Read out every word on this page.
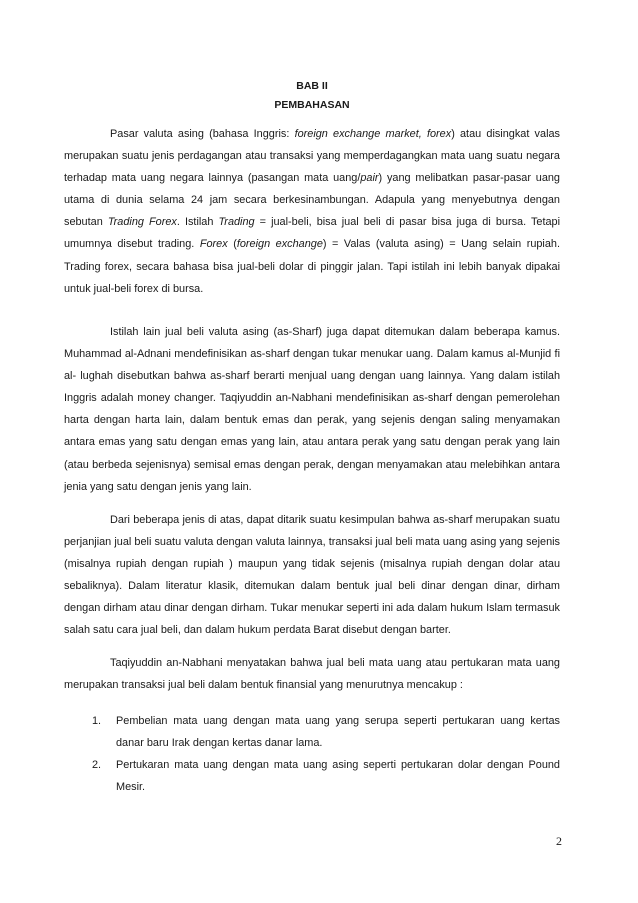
BAB II
PEMBAHASAN

Pasar valuta asing (bahasa Inggris: foreign exchange market, forex) atau disingkat valas merupakan suatu jenis perdagangan atau transaksi yang memperdagangkan mata uang suatu negara terhadap mata uang negara lainnya (pasangan mata uang/pair) yang melibatkan pasar-pasar uang utama di dunia selama 24 jam secara berkesinambungan. Adapula yang menyebutnya dengan sebutan Trading Forex. Istilah Trading = jual-beli, bisa jual beli di pasar bisa juga di bursa. Tetapi umumnya disebut trading. Forex (foreign exchange) = Valas (valuta asing) = Uang selain rupiah. Trading forex, secara bahasa bisa jual-beli dolar di pinggir jalan. Tapi istilah ini lebih banyak dipakai untuk jual-beli forex di bursa.

Istilah lain jual beli valuta asing (as-Sharf) juga dapat ditemukan dalam beberapa kamus. Muhammad al-Adnani mendefinisikan as-sharf dengan tukar menukar uang. Dalam kamus al-Munjid fi al- lughah disebutkan bahwa as-sharf berarti menjual uang dengan uang lainnya. Yang dalam istilah Inggris adalah money changer. Taqiyuddin an-Nabhani mendefinisikan as-sharf dengan pemerolehan harta dengan harta lain, dalam bentuk emas dan perak, yang sejenis dengan saling menyamakan antara emas yang satu dengan emas yang lain, atau antara perak yang satu dengan perak yang lain (atau berbeda sejenisnya) semisal emas dengan perak, dengan menyamakan atau melebihkan antara jenia yang satu dengan jenis yang lain.

Dari beberapa jenis di atas, dapat ditarik suatu kesimpulan bahwa as-sharf merupakan suatu perjanjian jual beli suatu valuta dengan valuta lainnya, transaksi jual beli mata uang asing yang sejenis (misalnya rupiah dengan rupiah ) maupun yang tidak sejenis (misalnya rupiah dengan dolar atau sebaliknya). Dalam literatur klasik, ditemukan dalam bentuk jual beli dinar dengan dinar, dirham dengan dirham atau dinar dengan dirham. Tukar menukar seperti ini ada dalam hukum Islam termasuk salah satu cara jual beli, dan dalam hukum perdata Barat disebut dengan barter.

Taqiyuddin an-Nabhani menyatakan bahwa jual beli mata uang atau pertukaran mata uang merupakan transaksi jual beli dalam bentuk finansial yang menurutnya mencakup :

1. Pembelian mata uang dengan mata uang yang serupa seperti pertukaran uang kertas danar baru Irak dengan kertas danar lama.
2. Pertukaran mata uang dengan mata uang asing seperti pertukaran dolar dengan Pound Mesir.
2
